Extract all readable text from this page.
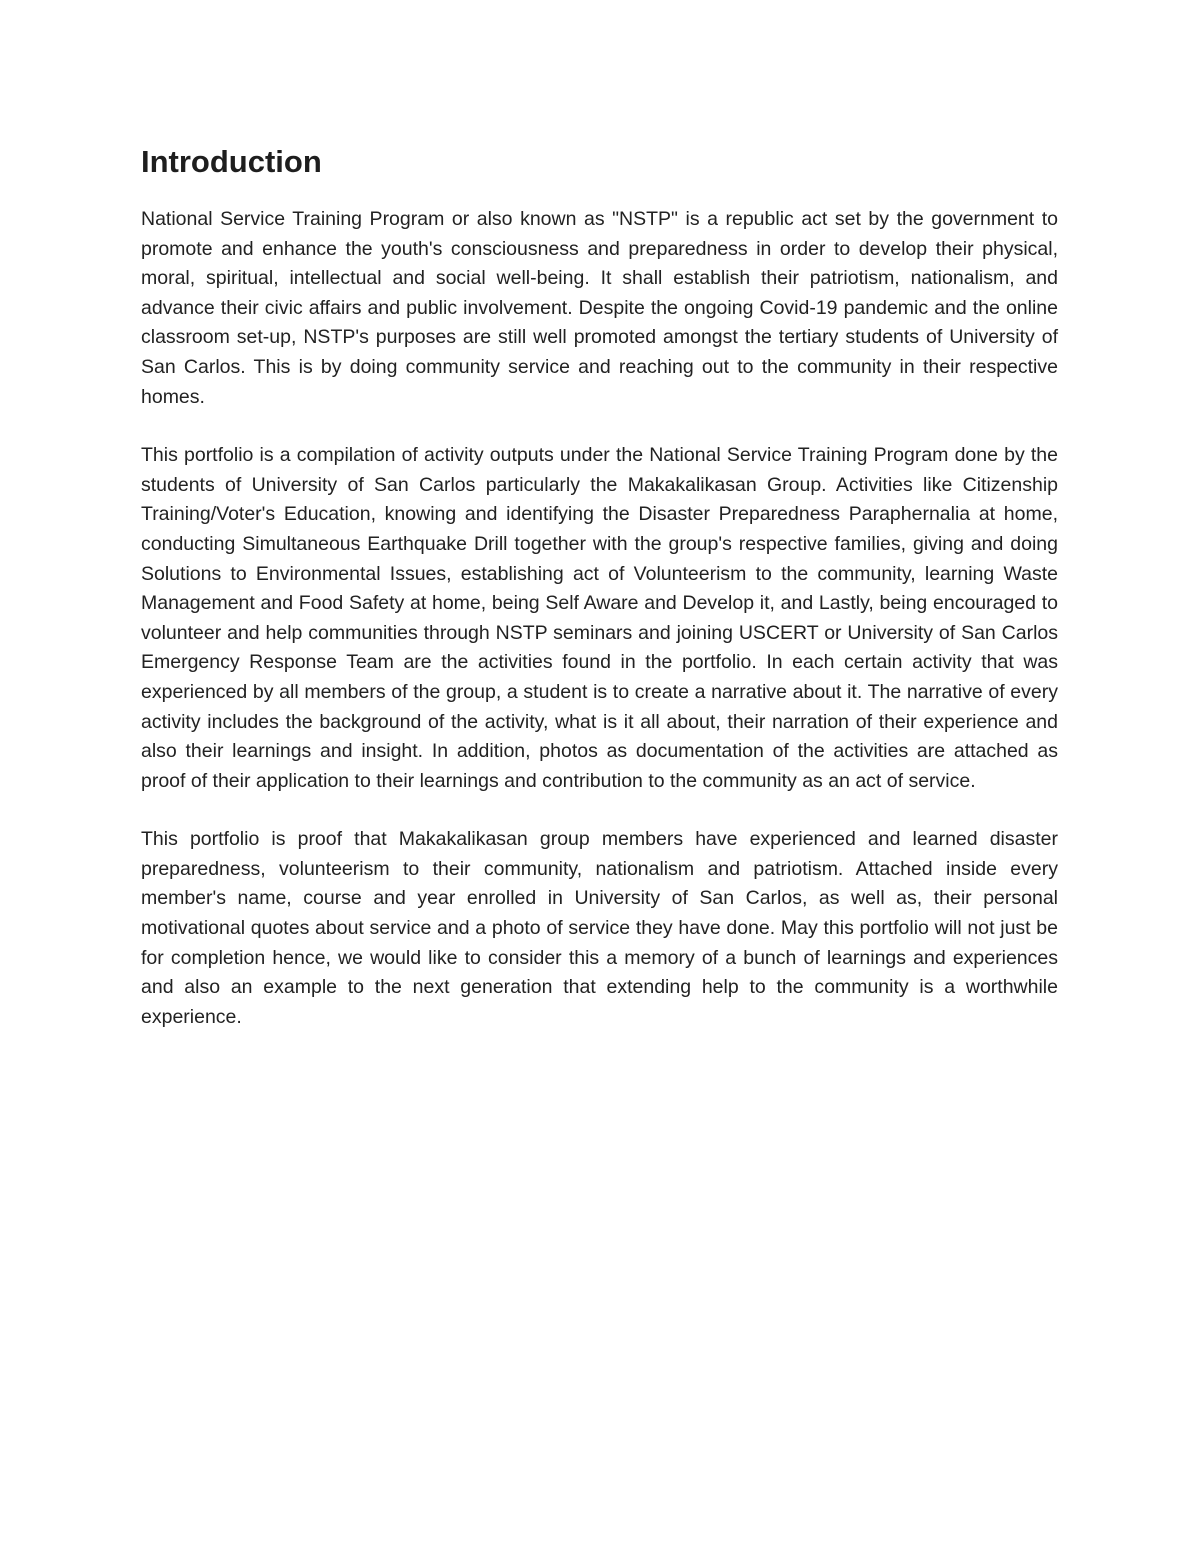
Introduction

National Service Training Program or also known as "NSTP" is a republic act set by the government to promote and enhance the youth's consciousness and preparedness in order to develop their physical, moral, spiritual, intellectual and social well-being. It shall establish their patriotism, nationalism, and advance their civic affairs and public involvement. Despite the ongoing Covid-19 pandemic and the online classroom set-up, NSTP's purposes are still well promoted amongst the tertiary students of University of San Carlos. This is by doing community service and reaching out to the community in their respective homes.

This portfolio is a compilation of activity outputs under the National Service Training Program done by the students of University of San Carlos particularly the Makakalikasan Group. Activities like Citizenship Training/Voter's Education, knowing and identifying the Disaster Preparedness Paraphernalia at home, conducting Simultaneous Earthquake Drill together with the group's respective families, giving and doing Solutions to Environmental Issues, establishing act of Volunteerism to the community, learning Waste Management and Food Safety at home, being Self Aware and Develop it, and Lastly, being encouraged to volunteer and help communities through NSTP seminars and joining USCERT or University of San Carlos Emergency Response Team are the activities found in the portfolio. In each certain activity that was experienced by all members of the group, a student is to create a narrative about it. The narrative of every activity includes the background of the activity, what is it all about, their narration of their experience and also their learnings and insight. In addition, photos as documentation of the activities are attached as proof of their application to their learnings and contribution to the community as an act of service.

This portfolio is proof that Makakalikasan group members have experienced and learned disaster preparedness, volunteerism to their community, nationalism and patriotism. Attached inside every member's name, course and year enrolled in University of San Carlos, as well as, their personal motivational quotes about service and a photo of service they have done. May this portfolio will not just be for completion hence, we would like to consider this a memory of a bunch of learnings and experiences and also an example to the next generation that extending help to the community is a worthwhile experience.
